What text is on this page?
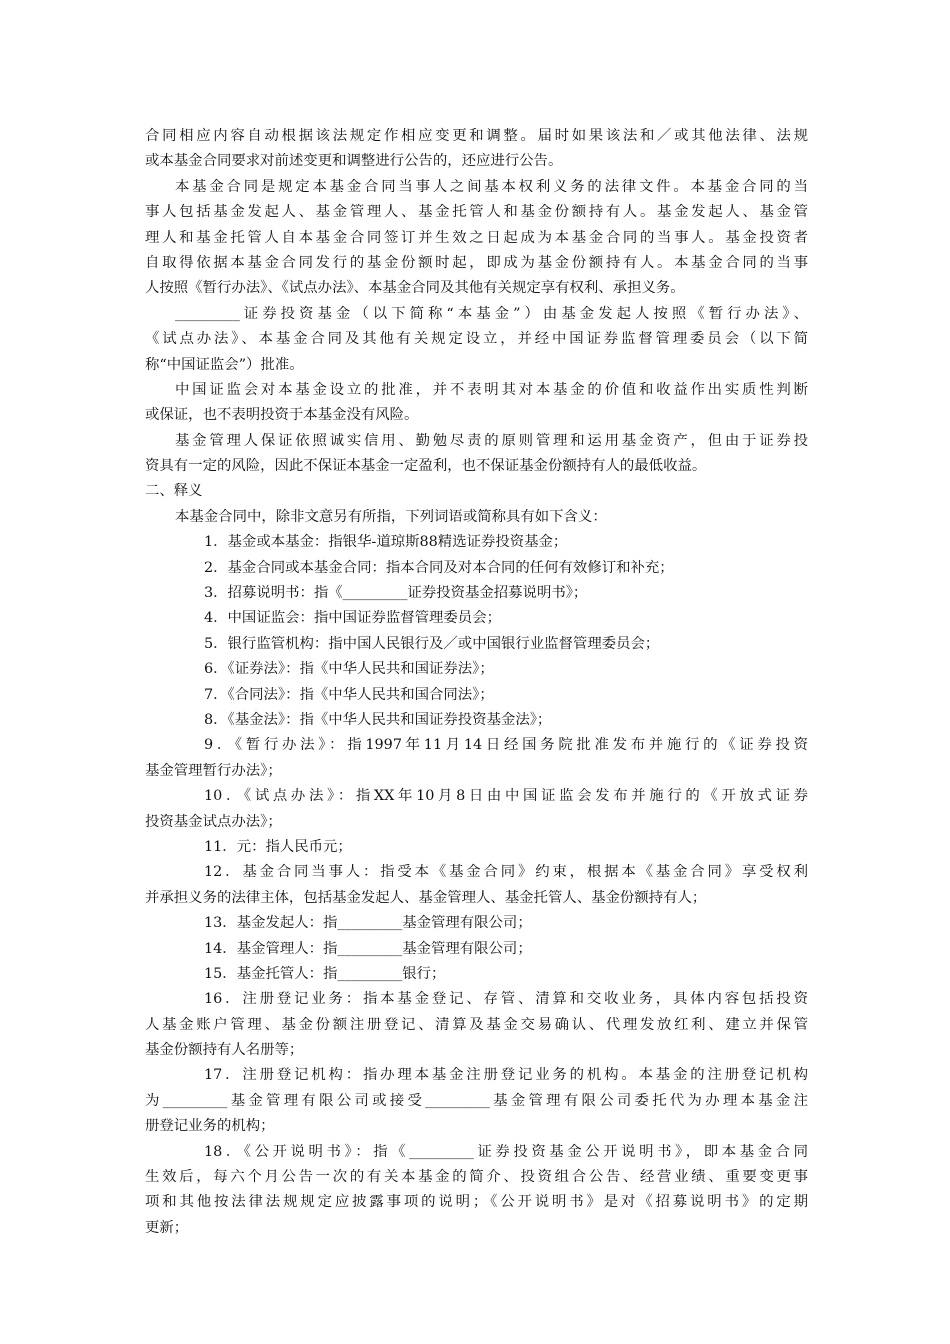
合同相应内容自动根据该法规定作相应变更和调整。届时如果该法和／或其他法律、法规
或本基金合同要求对前述变更和调整进行公告的，还应进行公告。
本基金合同是规定本基金合同当事人之间基本权利义务的法律文件。本基金合同的当
事人包括基金发起人、基金管理人、基金托管人和基金份额持有人。基金发起人、基金管
理人和基金托管人自本基金合同签订并生效之日起成为本基金合同的当事人。基金投资者
自取得依据本基金合同发行的基金份额时起，即成为基金份额持有人。本基金合同的当事
人按照《暂行办法》、《试点办法》、本基金合同及其他有关规定享有权利、承担义务。
_________证券投资基金（以下简称“本基金”）由基金发起人按照《暂行办法》、
《试点办法》、本基金合同及其他有关规定设立，并经中国证券监督管理委员会（以下简
称“中国证监会”）批准。
中国证监会对本基金设立的批准，并不表明其对本基金的价值和收益作出实质性判断
或保证，也不表明投资于本基金没有风险。
基金管理人保证依照诚实信用、勤勉尽责的原则管理和运用基金资产，但由于证券投
资具有一定的风险，因此不保证本基金一定盈利，也不保证基金份额持有人的最低收益。
二、释义
本基金合同中，除非文意另有所指，下列词语或简称具有如下含义：
1．基金或本基金：指银华-道琼斯88精选证券投资基金；
2．基金合同或本基金合同：指本合同及对本合同的任何有效修订和补充；
3．招募说明书：指《_________证券投资基金招募说明书》；
4．中国证监会：指中国证券监督管理委员会；
5．银行监管机构：指中国人民银行及／或中国银行业监督管理委员会；
6．《证券法》：指《中华人民共和国证券法》；
7．《合同法》：指《中华人民共和国合同法》；
8．《基金法》：指《中华人民共和国证券投资基金法》；
9．《暂行办法》：指1997年11月14日经国务院批准发布并施行的《证券投资
基金管理暂行办法》；
10．《试点办法》：指XX年10月8日由中国证监会发布并施行的《开放式证券
投资基金试点办法》；
11．元：指人民币元；
12．基金合同当事人：指受本《基金合同》约束，根据本《基金合同》享受权利
并承担义务的法律主体，包括基金发起人、基金管理人、基金托管人、基金份额持有人；
13．基金发起人：指_________基金管理有限公司；
14．基金管理人：指_________基金管理有限公司；
15．基金托管人：指_________银行；
16．注册登记业务：指本基金登记、存管、清算和交收业务，具体内容包括投资
人基金账户管理、基金份额注册登记、清算及基金交易确认、代理发放红利、建立并保管
基金份额持有人名册等；
17．注册登记机构：指办理本基金注册登记业务的机构。本基金的注册登记机构
为_________基金管理有限公司或接受_________基金管理有限公司委托代为办理本基金注
册登记业务的机构；
18．《公开说明书》：指《_________证券投资基金公开说明书》，即本基金合同
生效后，每六个月公告一次的有关本基金的简介、投资组合公告、经营业绩、重要变更事
项和其他按法律法规规定应披露事项的说明；《公开说明书》是对《招募说明书》的定期
更新；
